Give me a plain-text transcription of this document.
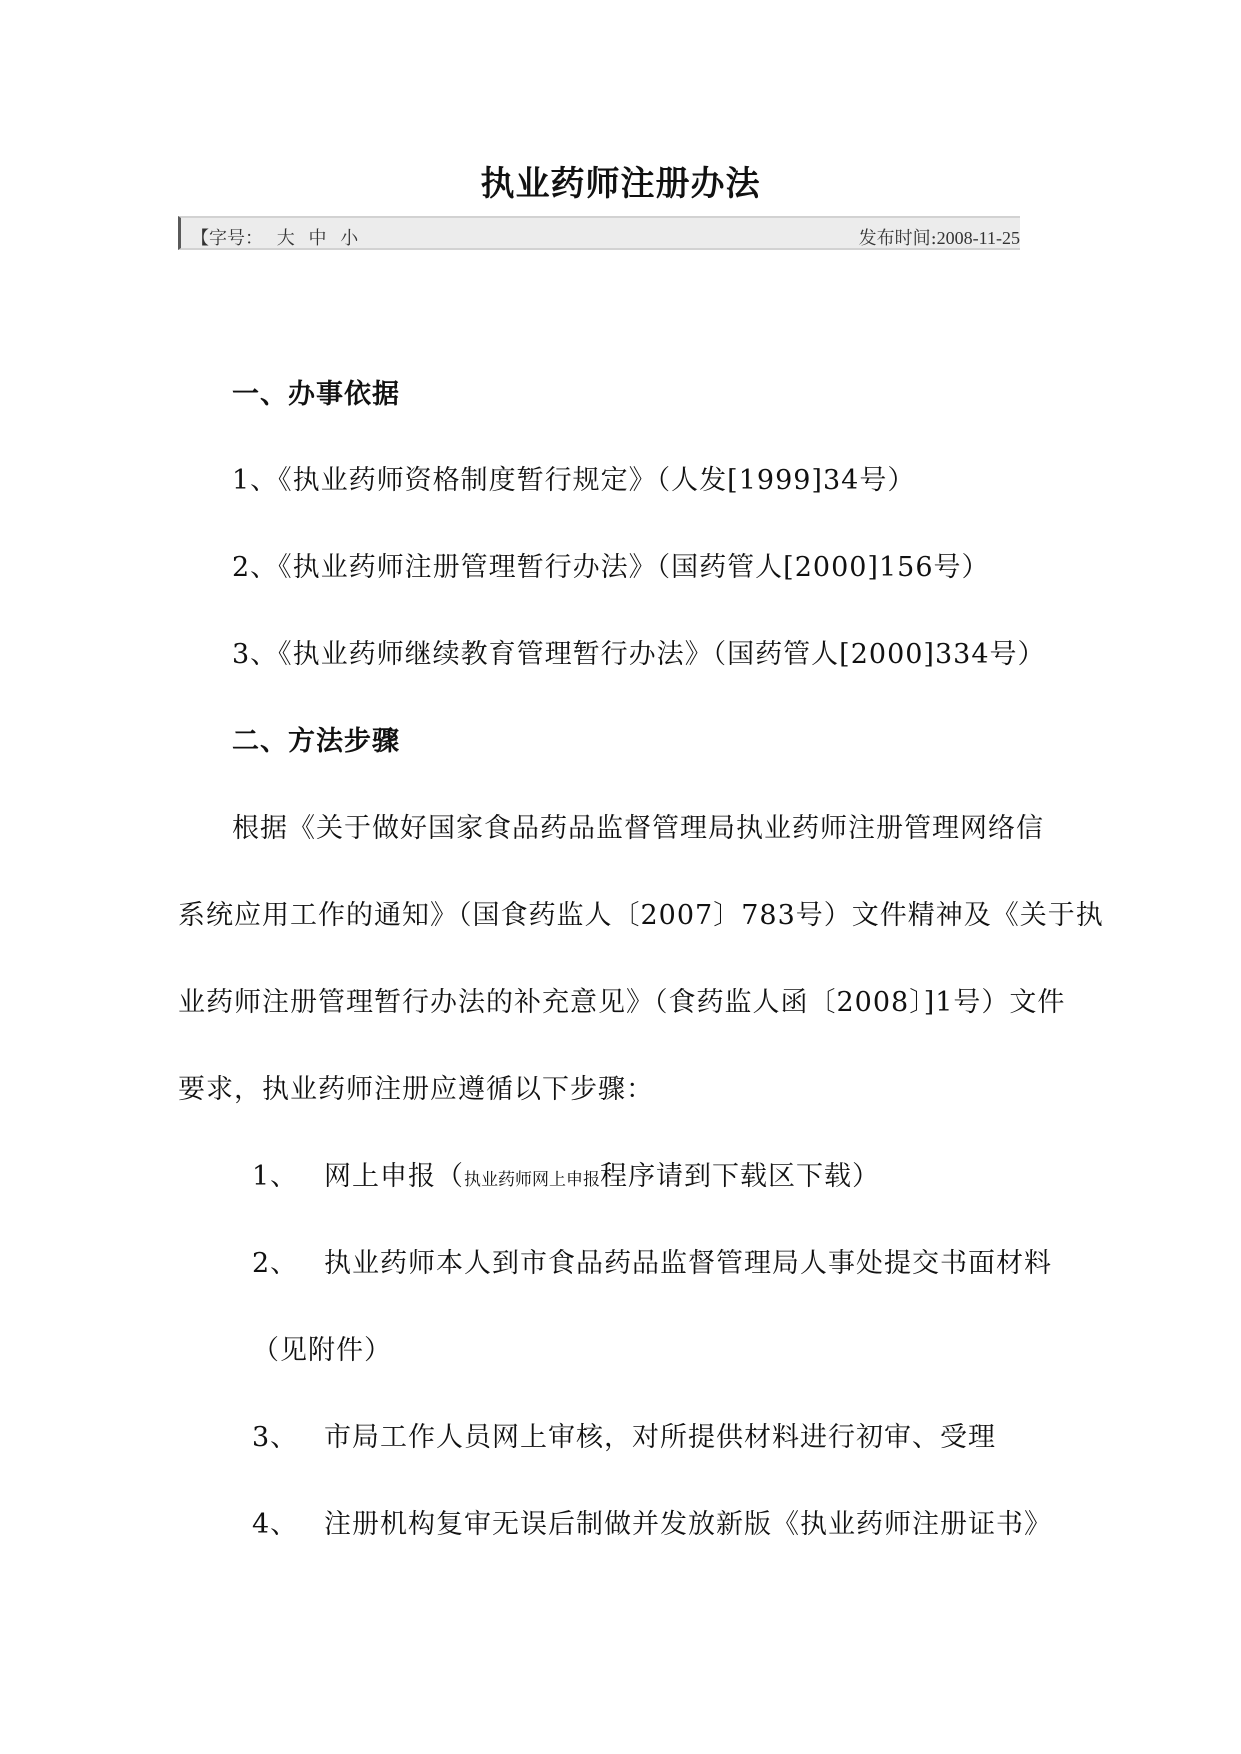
执业药师注册办法
【字号： 大 中 小	发布时间:2008-11-25

一、办事依据

1、《执业药师资格制度暂行规定》（人发[1999]34号）

2、《执业药师注册管理暂行办法》（国药管人[2000]156号）

3、《执业药师继续教育管理暂行办法》（国药管人[2000]334号）

二、方法步骤

根据《关于做好国家食品药品监督管理局执业药师注册管理网络信

系统应用工作的通知》（国食药监人〔2007〕783号）文件精神及《关于执

业药师注册管理暂行办法的补充意见》（食药监人函〔2008〕]1号）文件

要求，执业药师注册应遵循以下步骤：

1、 网上申报（执业药师网上申报程序请到下载区下载）

2、 执业药师本人到市食品药品监督管理局人事处提交书面材料

（见附件）

3、 市局工作人员网上审核，对所提供材料进行初审、受理

4、 注册机构复审无误后制做并发放新版《执业药师注册证书》
